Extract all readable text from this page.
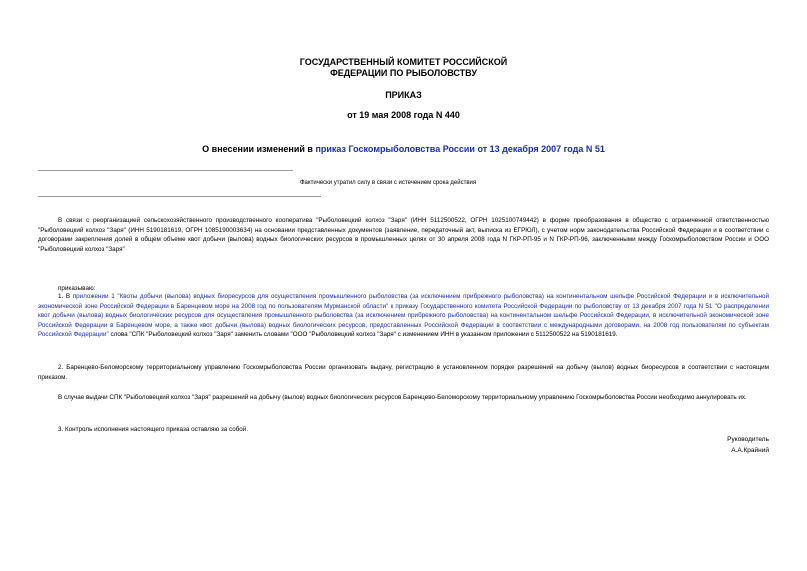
ГОСУДАРСТВЕННЫЙ КОМИТЕТ РОССИЙСКОЙ
ФЕДЕРАЦИИ ПО РЫБОЛОВСТВУ
ПРИКАЗ
от 19 мая 2008 года N 440
О внесении изменений в приказ Госкомрыболовства России от 13 декабря 2007 года N 51
Фактически утратил силу в связи с истечением срока действия
В связи с реорганизацией сельскохозяйственного производственного кооператива "Рыболовецкий колхоз "Заря" (ИНН 5112500522, ОГРН 1025100749442) в форме преобразования в общество с ограниченной ответственностью "Рыболовецкий колхоз "Заря" (ИНН 5190181619, ОГРН 1085190003634) на основании представленных документов (заявление, передаточный акт, выписка из ЕГРЮЛ), с учетом норм законодательства Российской Федерации и в соответствии с договорами закрепления долей в общем объеме квот добычи (вылова) водных биологических ресурсов в промышленных целях от 30 апреля 2008 года N ГКР-РП-95 и N ГКР-РП-96, заключенными между Госкомрыболовством России и ООО "Рыболовецкий колхоз "Заря"
приказываю:
1. В приложении 1 "Квоты добычи (вылова) водных биоресурсов для осуществления промышленного рыболовства (за исключением прибрежного рыболовства) на континентальном шельфе Российской Федерации и в исключительной экономической зоне Российской Федерации в Баренцевом море на 2008 год по пользователям Мурманской области" к приказу Государственного комитета Российской Федерации по рыболовству от 13 декабря 2007 года N 51 "О распределении квот добычи (вылова) водных биологических ресурсов для осуществления промышленного рыболовства (за исключением прибрежного рыболовства) на континентальном шельфе Российской Федерации, в исключительной экономической зоне Российской Федерации в Баренцевом море, а также квот добычи (вылова) водных биологических ресурсов, предоставленных Российской Федерации в соответствии с международными договорами, на 2008 год пользователям по субъектам Российской Федерации" слова "СПК "Рыболовецкий колхоз "Заря" заменить словами "ООО "Рыболовецкий колхоз "Заря" с изменением ИНН в указанном приложении с 5112500522 на 5190181619.
2. Баренцево-Беломорскому территориальному управлению Госкомрыболовства России организовать выдачу, регистрацию в установленном порядке разрешений на добычу (вылов) водных биоресурсов в соответствии с настоящим приказом.
В случае выдачи СПК "Рыболовецкий колхоз "Заря" разрешений на добычу (вылов) водных биологических ресурсов Баренцево-Беломорскому территориальному управлению Госкомрыболовства России необходимо аннулировать их.
3. Контроль исполнения настоящего приказа оставляю за собой.
Руководитель
А.А.Крайний
